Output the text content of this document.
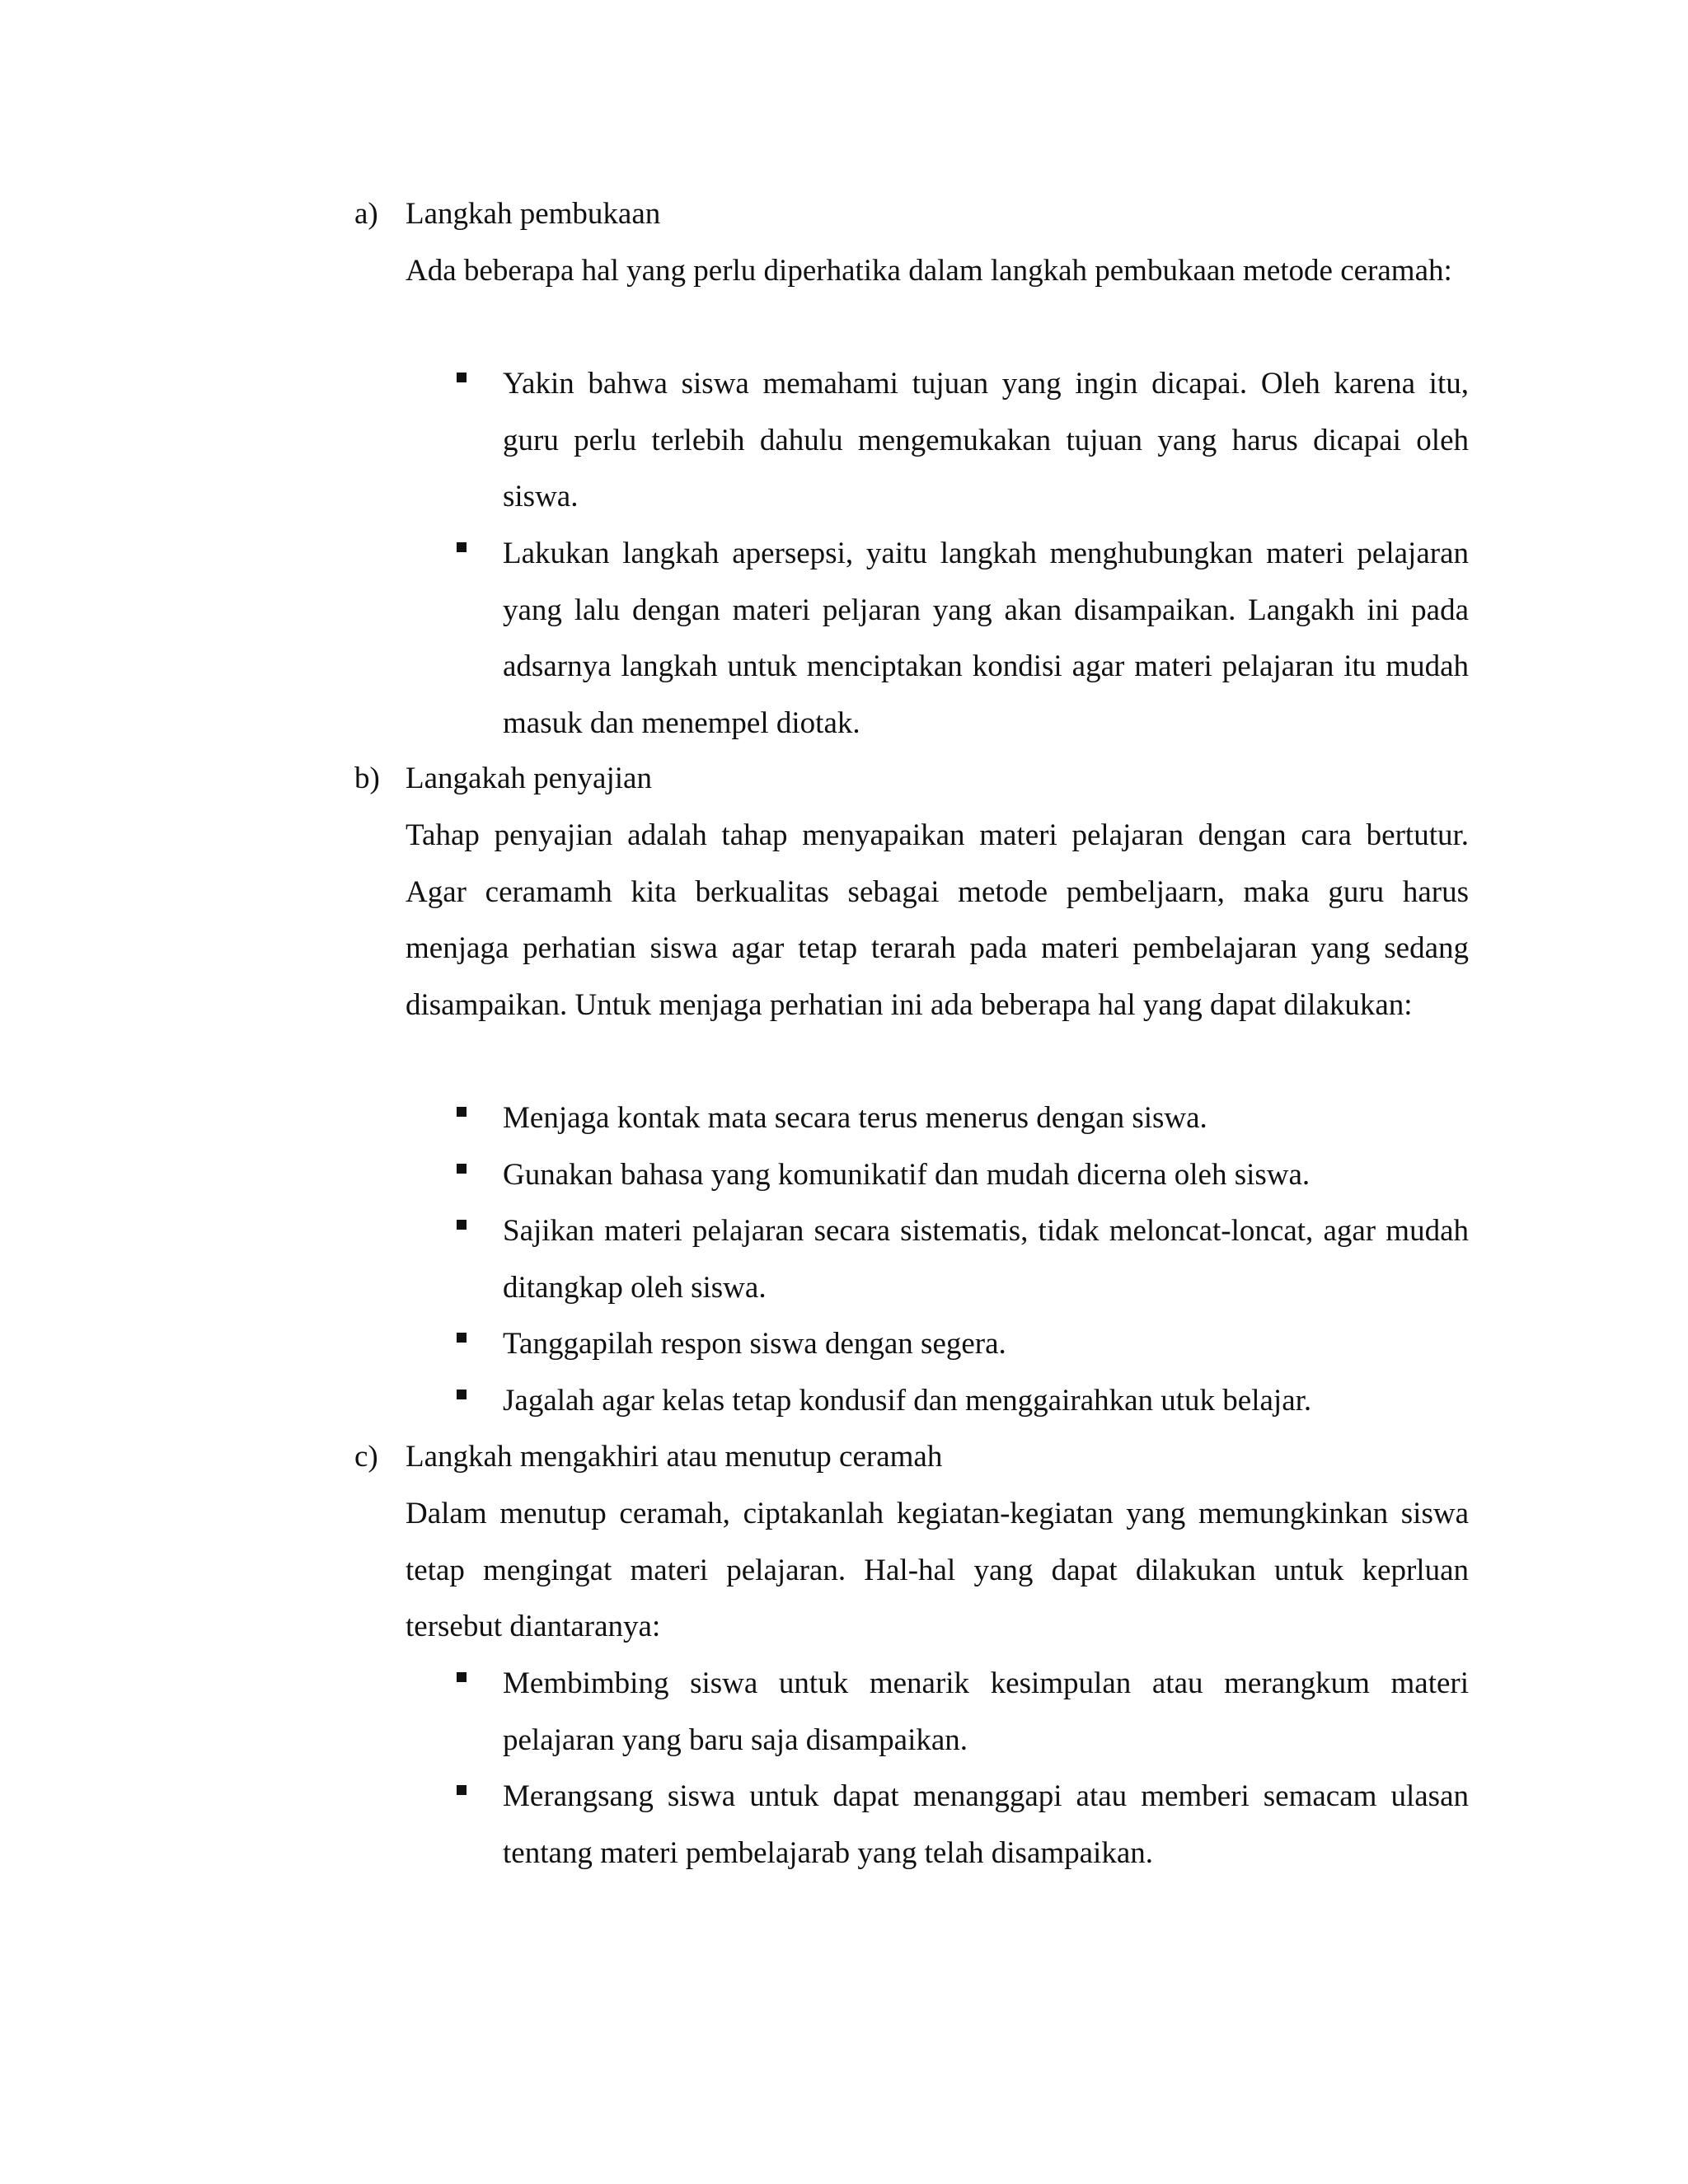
a) Langkah pembukaan

Ada beberapa hal yang perlu diperhatika dalam langkah pembukaan metode ceramah:

Yakin bahwa siswa memahami tujuan yang ingin dicapai. Oleh karena itu, guru perlu terlebih dahulu mengemukakan tujuan yang harus dicapai oleh siswa.

Lakukan langkah apersepsi, yaitu langkah menghubungkan materi pelajaran yang lalu dengan materi peljaran yang akan disampaikan. Langakh ini pada adsarnya langkah untuk menciptakan kondisi agar materi pelajaran itu mudah masuk dan menempel diotak.

b) Langakah penyajian

Tahap penyajian adalah tahap menyapaikan materi pelajaran dengan cara bertutur. Agar ceramamh kita berkualitas sebagai metode pembeljaarn, maka guru harus menjaga perhatian siswa agar tetap terarah pada materi pembelajaran yang sedang disampaikan. Untuk menjaga perhatian ini ada beberapa hal yang dapat dilakukan:

Menjaga kontak mata secara terus menerus dengan siswa.

Gunakan bahasa yang komunikatif dan mudah dicerna oleh siswa.

Sajikan materi pelajaran secara sistematis, tidak meloncat-loncat, agar mudah ditangkap oleh siswa.

Tanggapilah respon siswa dengan segera.

Jagalah agar kelas tetap kondusif dan menggairahkan utuk belajar.

c) Langkah mengakhiri atau menutup ceramah

Dalam menutup ceramah, ciptakanlah kegiatan-kegiatan yang memungkinkan siswa tetap mengingat materi pelajaran. Hal-hal yang dapat dilakukan untuk keprluan tersebut diantaranya:

Membimbing siswa untuk menarik kesimpulan atau merangkum materi pelajaran yang baru saja disampaikan.

Merangsang siswa untuk dapat menanggapi atau memberi semacam ulasan tentang materi pembelajarab yang telah disampaikan.
